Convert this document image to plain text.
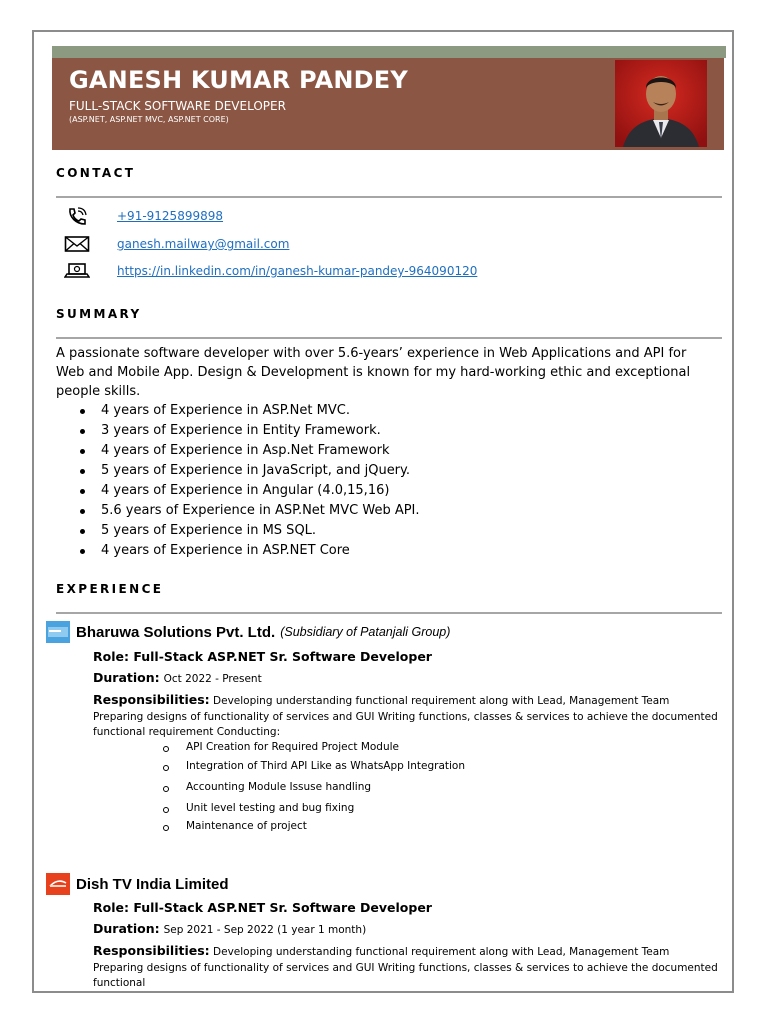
GANESH KUMAR PANDEY
FULL-STACK SOFTWARE DEVELOPER
(ASP.NET, ASP.NET MVC, ASP.NET CORE)
CONTACT
+91-9125899898
ganesh.mailway@gmail.com
https://in.linkedin.com/in/ganesh-kumar-pandey-964090120
SUMMARY
A passionate software developer with over 5.6-years’ experience in Web Applications and API for Web and Mobile App. Design & Development is known for my hard-working ethic and exceptional people skills.
4 years of Experience in ASP.Net MVC.
3 years of Experience in Entity Framework.
4 years of Experience in Asp.Net Framework
5 years of Experience in JavaScript, and jQuery.
4 years of Experience in Angular (4.0,15,16)
5.6 years of Experience in ASP.Net MVC Web API.
5 years of Experience in MS SQL.
4 years of Experience in ASP.NET Core
EXPERIENCE
Bharuwa Solutions Pvt. Ltd. (Subsidiary of Patanjali Group)
Role: Full-Stack ASP.NET Sr. Software Developer
Duration: Oct 2022 - Present
Responsibilities: Developing understanding functional requirement along with Lead, Management Team Preparing designs of functionality of services and GUI Writing functions, classes & services to achieve the documented functional requirement Conducting:
API Creation for Required Project Module
Integration of Third API Like as WhatsApp Integration
Accounting Module Issuse handling
Unit level testing and bug fixing
Maintenance of project
Dish TV India Limited
Role: Full-Stack ASP.NET Sr. Software Developer
Duration: Sep 2021 - Sep 2022 (1 year 1 month)
Responsibilities: Developing understanding functional requirement along with Lead, Management Team Preparing designs of functionality of services and GUI Writing functions, classes & services to achieve the documented functional
